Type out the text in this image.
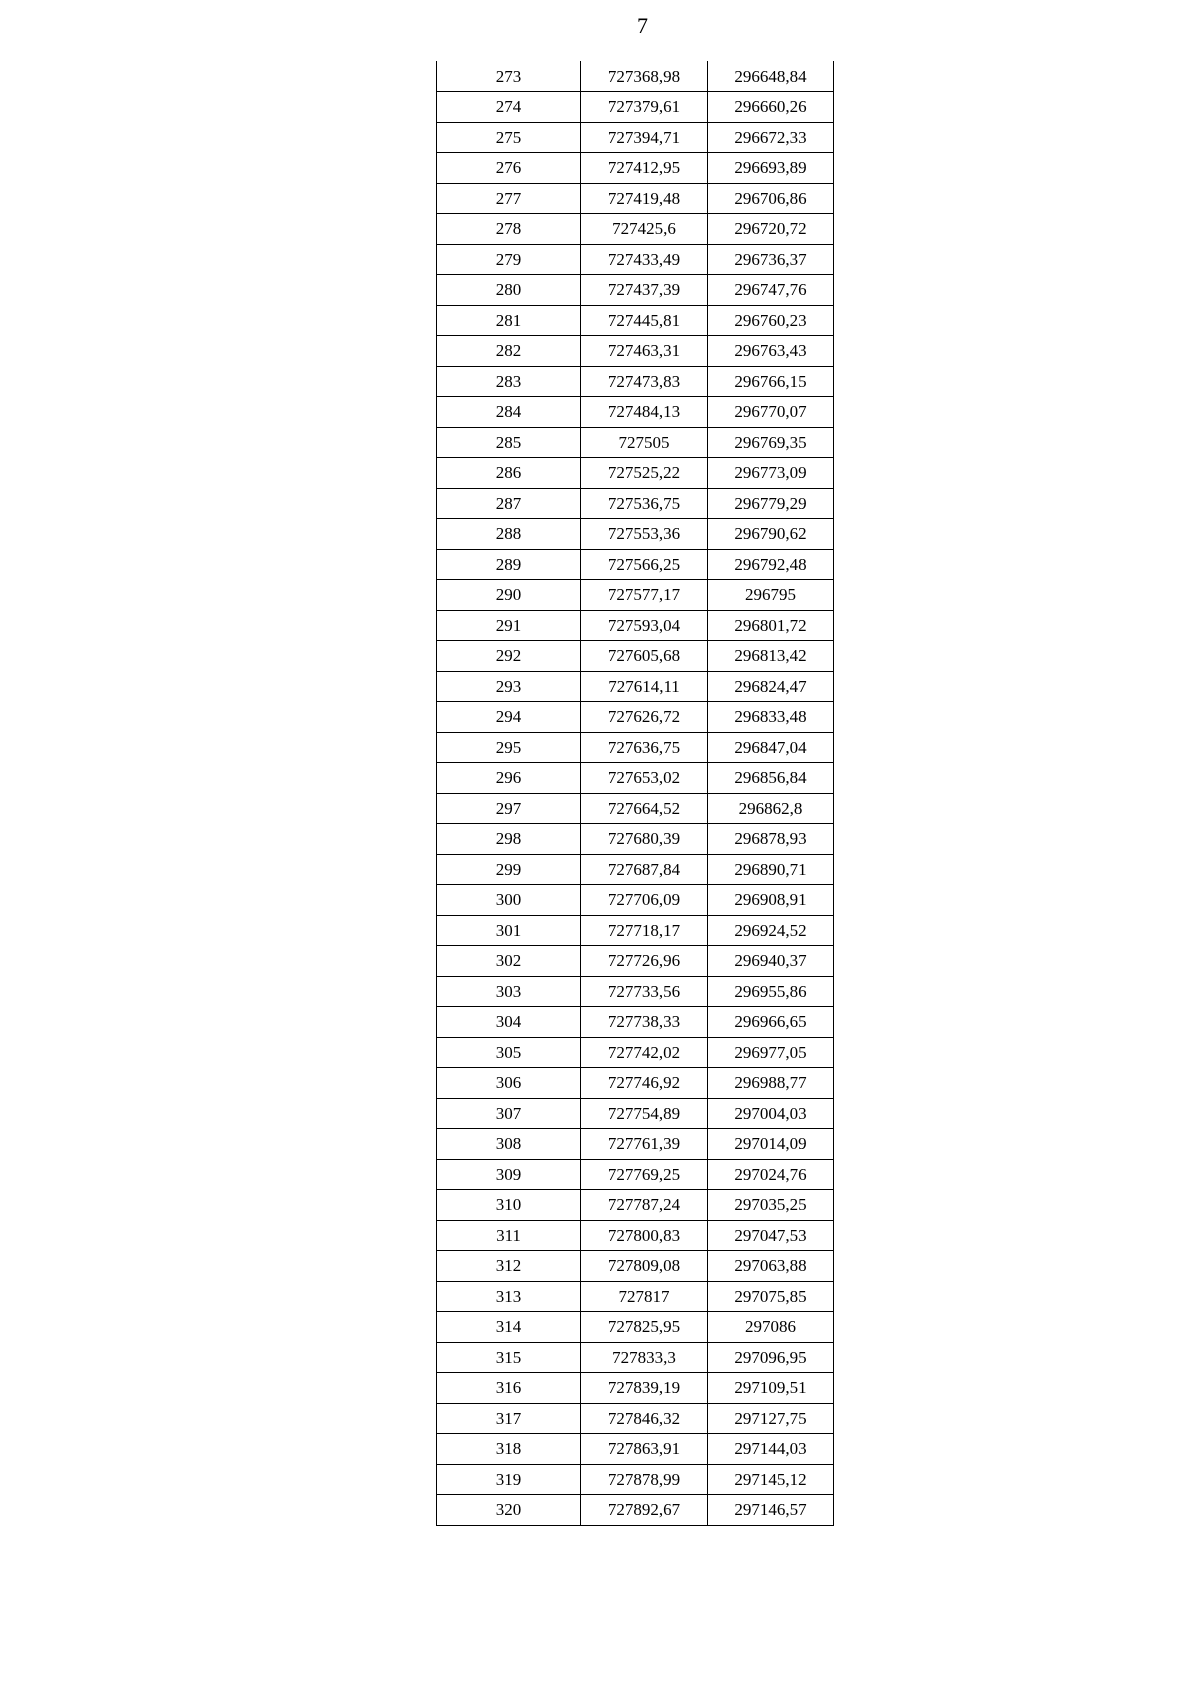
7
273	727368,98	296648,84
274	727379,61	296660,26
275	727394,71	296672,33
276	727412,95	296693,89
277	727419,48	296706,86
278	727425,6	296720,72
279	727433,49	296736,37
280	727437,39	296747,76
281	727445,81	296760,23
282	727463,31	296763,43
283	727473,83	296766,15
284	727484,13	296770,07
285	727505	296769,35
286	727525,22	296773,09
287	727536,75	296779,29
288	727553,36	296790,62
289	727566,25	296792,48
290	727577,17	296795
291	727593,04	296801,72
292	727605,68	296813,42
293	727614,11	296824,47
294	727626,72	296833,48
295	727636,75	296847,04
296	727653,02	296856,84
297	727664,52	296862,8
298	727680,39	296878,93
299	727687,84	296890,71
300	727706,09	296908,91
301	727718,17	296924,52
302	727726,96	296940,37
303	727733,56	296955,86
304	727738,33	296966,65
305	727742,02	296977,05
306	727746,92	296988,77
307	727754,89	297004,03
308	727761,39	297014,09
309	727769,25	297024,76
310	727787,24	297035,25
311	727800,83	297047,53
312	727809,08	297063,88
313	727817	297075,85
314	727825,95	297086
315	727833,3	297096,95
316	727839,19	297109,51
317	727846,32	297127,75
318	727863,91	297144,03
319	727878,99	297145,12
320	727892,67	297146,57
